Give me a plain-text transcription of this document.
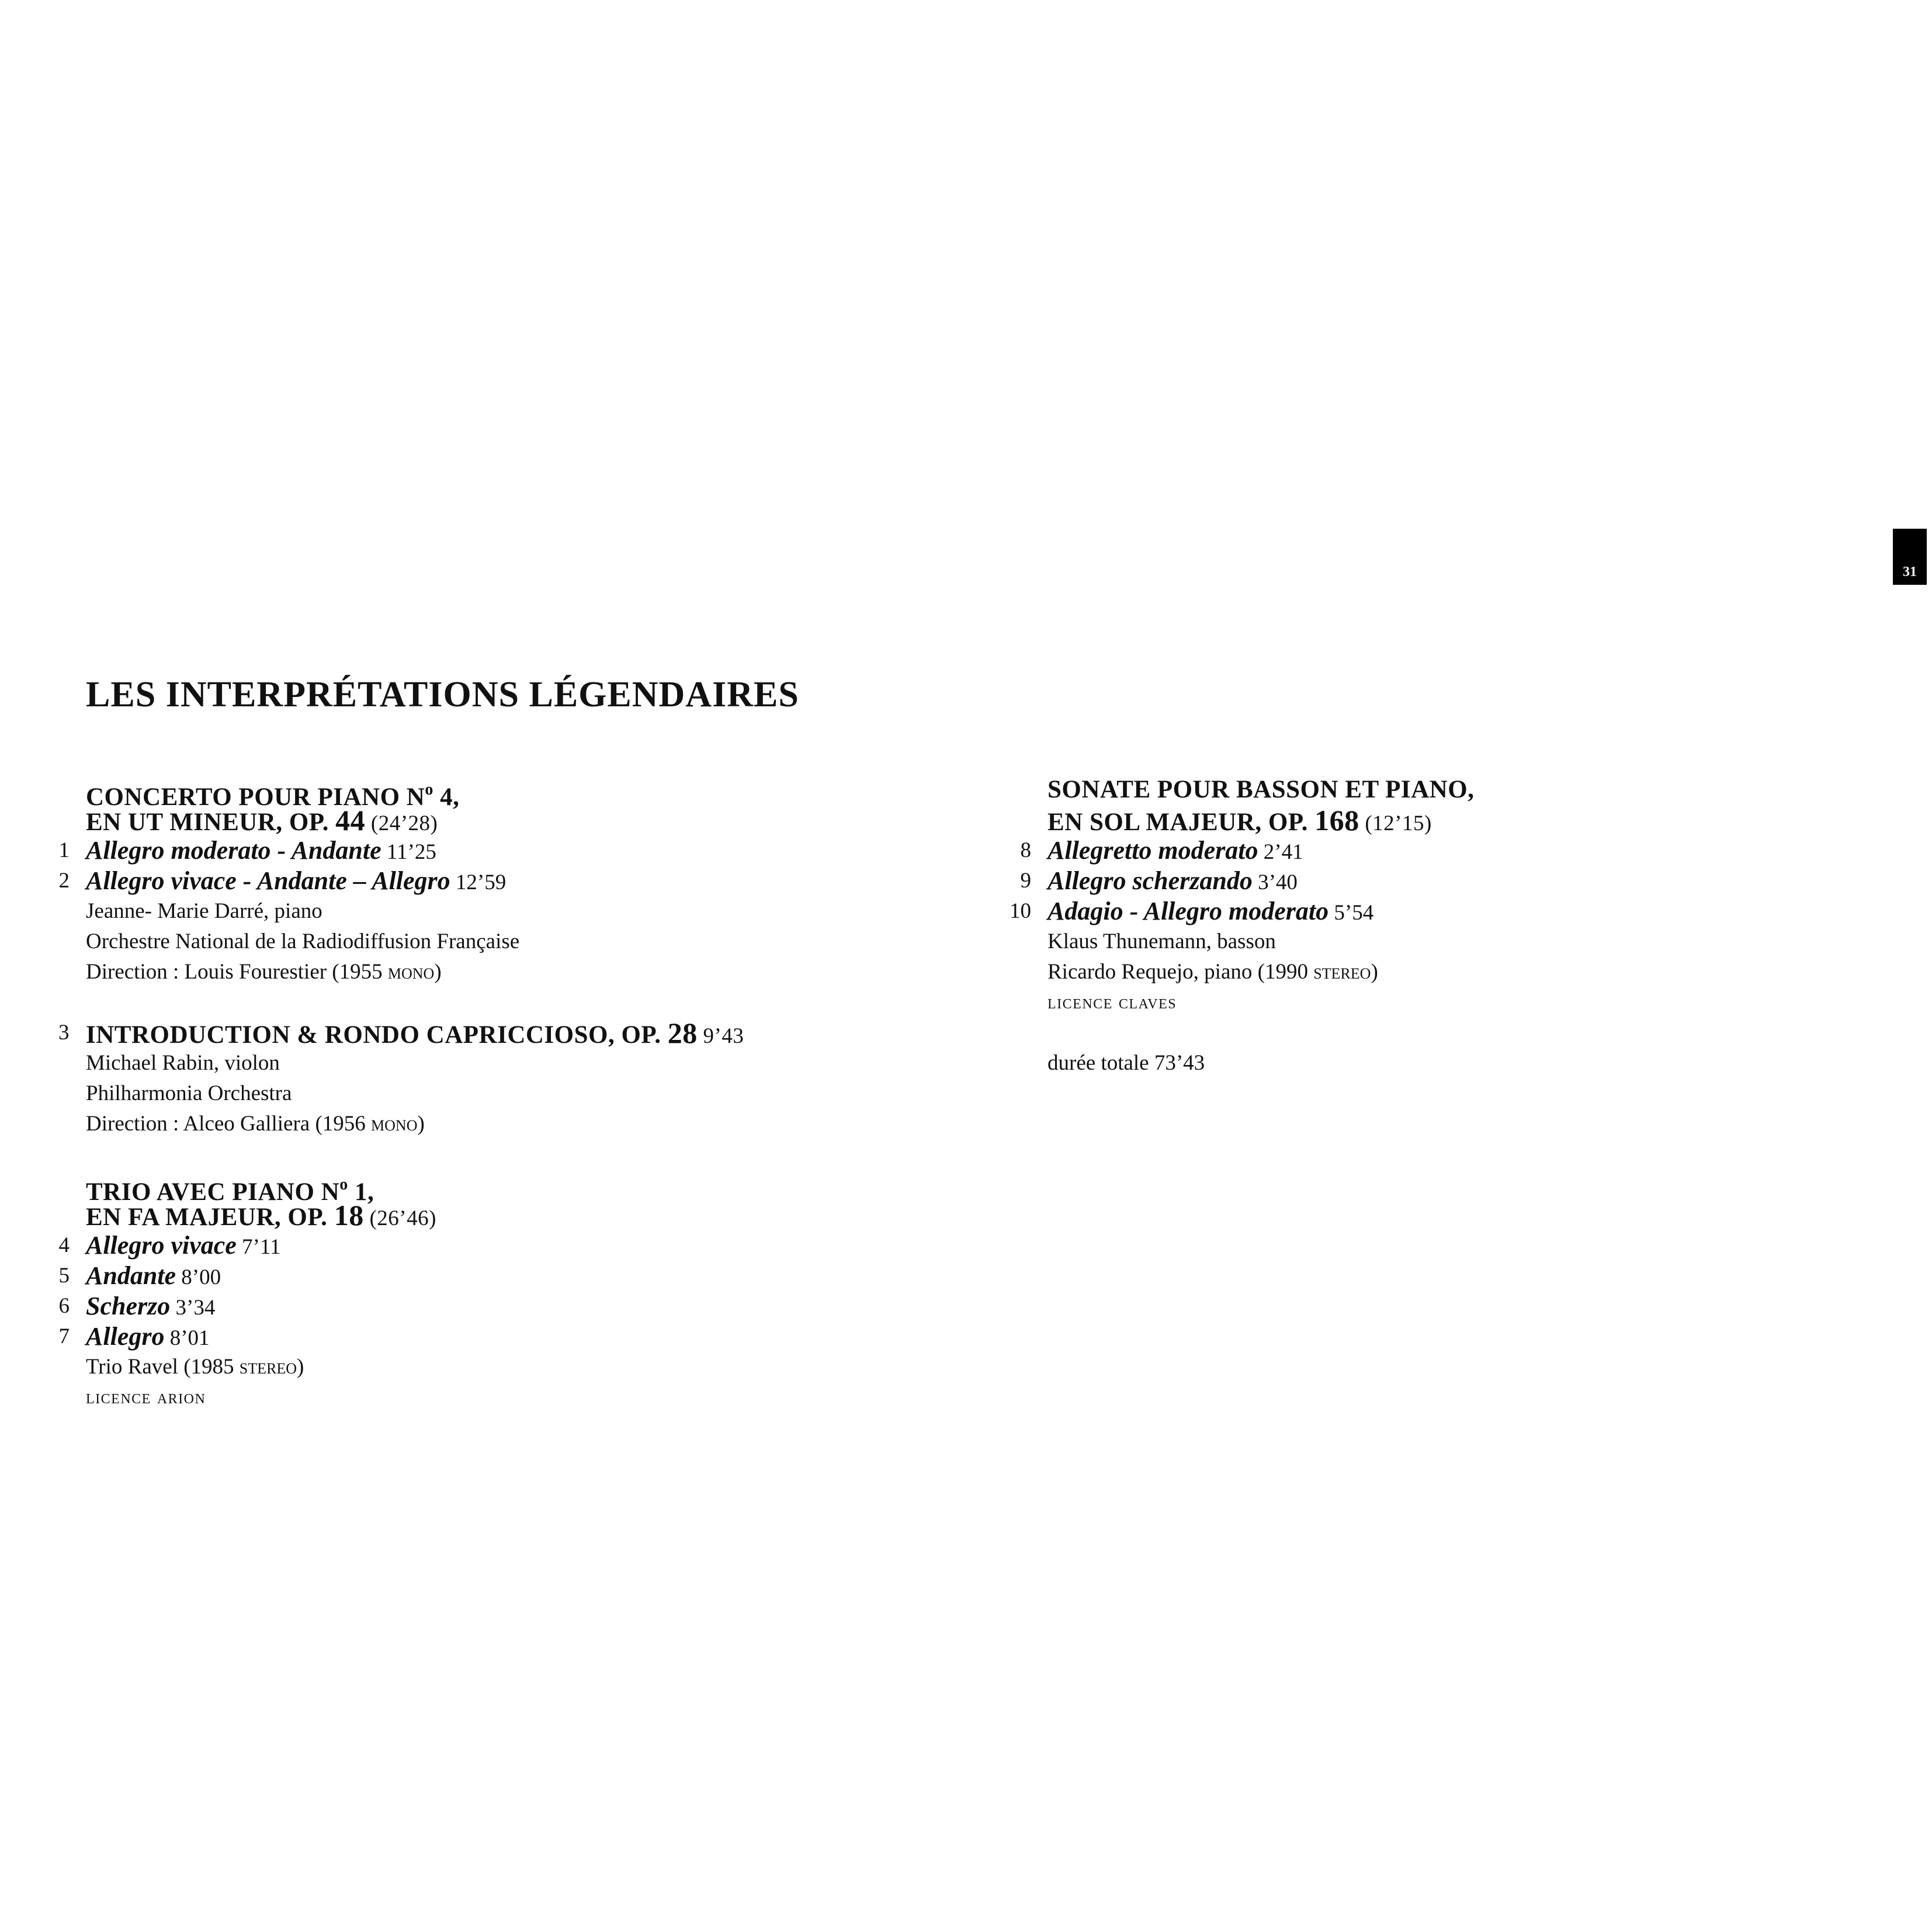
31
LES INTERPRÉTATIONS LÉGENDAIRES
CONCERTO POUR PIANO $N^o$ 4,
EN UT MINEUR, OP. 44 (24’28)
1 Allegro moderato - Andante 11’25
2 Allegro vivace - Andante – Allegro 12’59
Jeanne- Marie Darré, piano
Orchestre National de la Radiodiffusion Française
Direction : Louis Fourestier (1955 mono)
3 INTRODUCTION & RONDO CAPRICCIOSO, OP. 28 9’43
Michael Rabin, violon
Philharmonia Orchestra
Direction : Alceo Galliera (1956 mono)
TRIO AVEC PIANO $N^o$ 1,
EN FA MAJEUR, OP. 18 (26’46)
4 Allegro vivace 7’11
5 Andante 8’00
6 Scherzo 3’34
7 Allegro 8’01
Trio Ravel (1985 stereo)
licence arion
SONATE POUR BASSON ET PIANO,
EN SOL MAJEUR, OP. 168 (12’15)
8 Allegretto moderato 2’41
9 Allegro scherzando 3’40
10 Adagio - Allegro moderato 5’54
Klaus Thunemann, basson
Ricardo Requejo, piano (1990 stereo)
licence claves
durée totale 73’43
